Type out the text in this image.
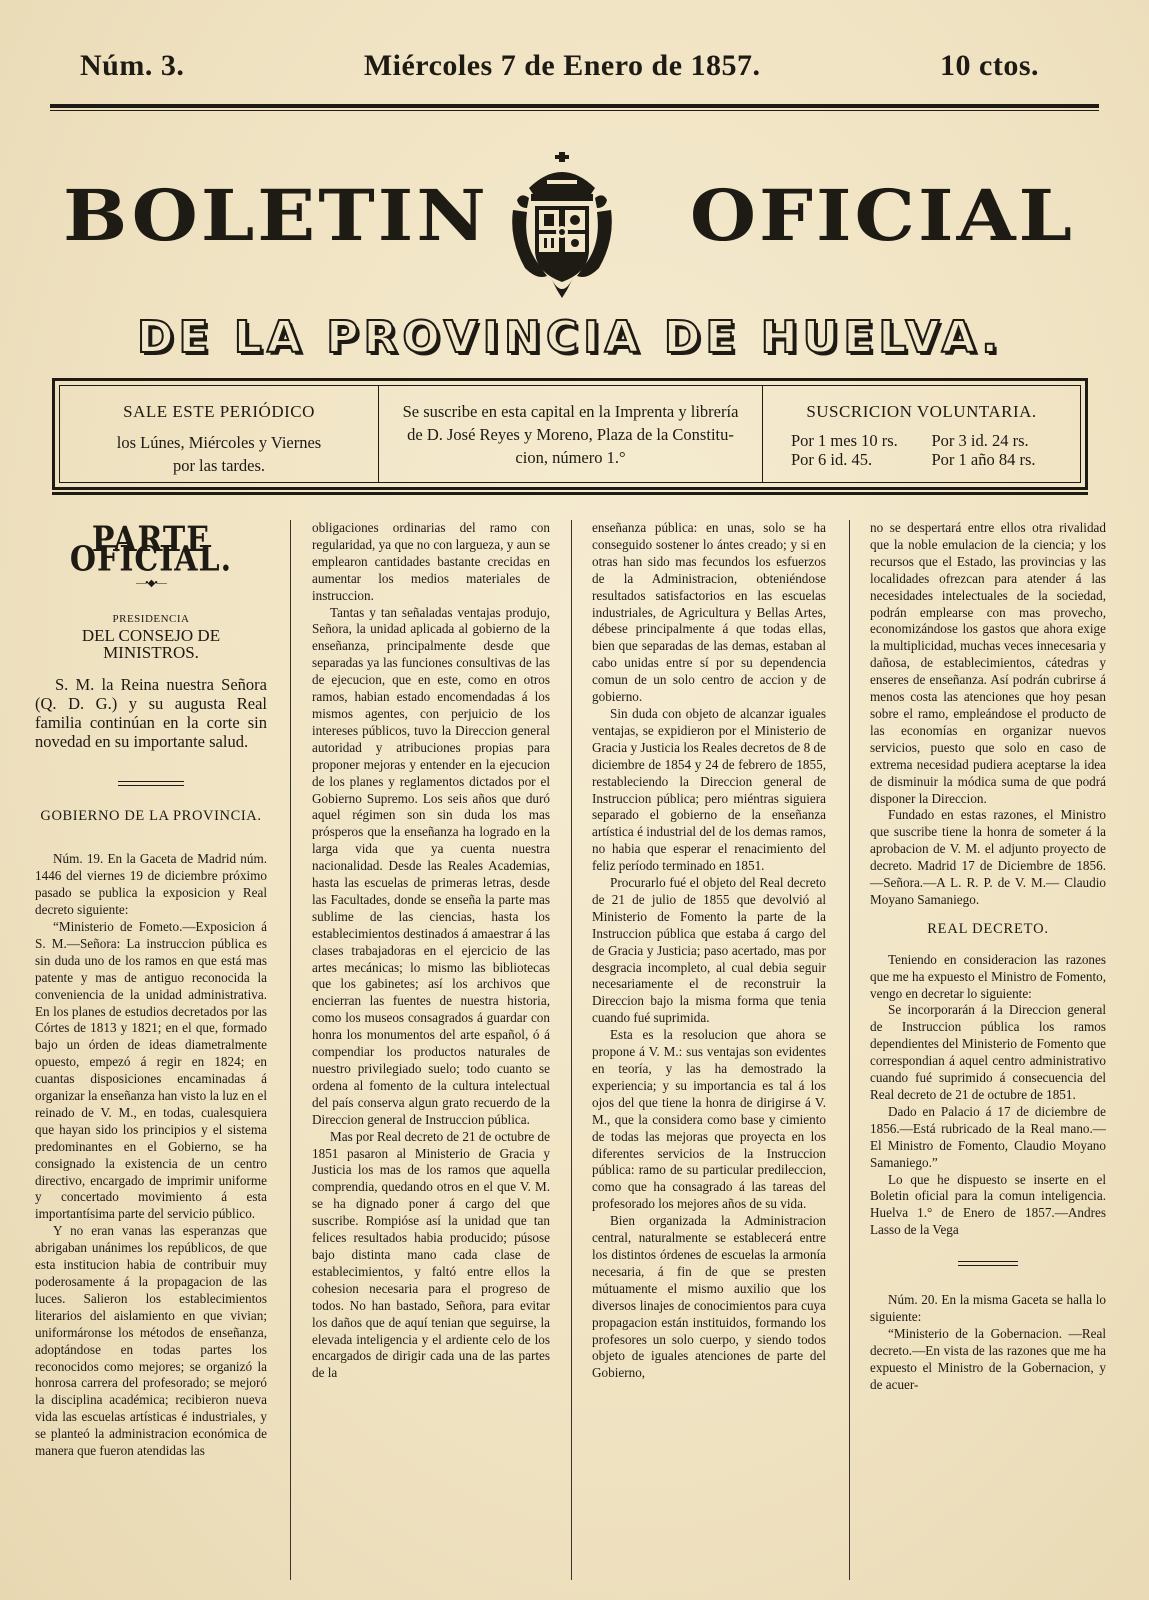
Núm. 3.	Miércoles 7 de Enero de 1857.	10 ctos.
BOLETIN	OFICIAL
DE LA PROVINCIA DE HUELVA.
SALE ESTE PERIÓDICO
los Lúnes, Miércoles y Viernes
por las tardes.
Se suscribe en esta capital en la Imprenta y librería
de D. José Reyes y Moreno, Plaza de la Constitu-
cion, número 1.°
SUSCRICION VOLUNTARIA.
Por 1 mes 10 rs.	Por 3 id. 24 rs.
Por 6 id. 45.	Por 1 año 84 rs.
PARTE OFICIAL.
—•◆•—
PRESIDENCIA
DEL CONSEJO DE MINISTROS.

S. M. la Reina nuestra Señora (Q. D. G.) y su augusta Real familia continúan en la corte sin novedad en su importante salud.

GOBIERNO DE LA PROVINCIA.

Núm. 19. En la Gaceta de Madrid núm. 1446 del viernes 19 de diciembre próximo pasado se publica la exposicion y Real decreto siguiente:

“Ministerio de Fometo.—Exposicion á S. M.—Señora: La instruccion pública es sin duda uno de los ramos en que está mas patente y mas de antiguo reconocida la conveniencia de la unidad administrativa. En los planes de estudios decretados por las Córtes de 1813 y 1821; en el que, formado bajo un órden de ideas diametralmente opuesto, empezó á regir en 1824; en cuantas disposiciones encaminadas á organizar la enseñanza han visto la luz en el reinado de V. M., en todas, cualesquiera que hayan sido los principios y el sistema predominantes en el Gobierno, se ha consignado la existencia de un centro directivo, encargado de imprimir uniforme y concertado movimiento á esta importantísima parte del servicio público.

Y no eran vanas las esperanzas que abrigaban unánimes los repúblicos, de que esta institucion habia de contribuir muy poderosamente á la propagacion de las luces. Salieron los establecimientos literarios del aislamiento en que vivian; uniformáronse los métodos de enseñanza, adoptándose en todas partes los reconocidos como mejores; se organizó la honrosa carrera del profesorado; se mejoró la disciplina académica; recibieron nueva vida las escuelas artísticas é industriales, y se planteó la administracion económica de manera que fueron atendidas las

obligaciones ordinarias del ramo con regularidad, ya que no con largueza, y aun se emplearon cantidades bastante crecidas en aumentar los medios materiales de instruccion.

Tantas y tan señaladas ventajas produjo, Señora, la unidad aplicada al gobierno de la enseñanza, principalmente desde que separadas ya las funciones consultivas de las de ejecucion, que en este, como en otros ramos, habian estado encomendadas á los mismos agentes, con perjuicio de los intereses públicos, tuvo la Direccion general autoridad y atribuciones propias para proponer mejoras y entender en la ejecucion de los planes y reglamentos dictados por el Gobierno Supremo. Los seis años que duró aquel régimen son sin duda los mas prósperos que la enseñanza ha logrado en la larga vida que ya cuenta nuestra nacionalidad. Desde las Reales Academias, hasta las escuelas de primeras letras, desde las Facultades, donde se enseña la parte mas sublime de las ciencias, hasta los establecimientos destinados á amaestrar á las clases trabajadoras en el ejercicio de las artes mecánicas; lo mismo las bibliotecas que los gabinetes; así los archivos que encierran las fuentes de nuestra historia, como los museos consagrados á guardar con honra los monumentos del arte español, ó á compendiar los productos naturales de nuestro privilegiado suelo; todo cuanto se ordena al fomento de la cultura intelectual del país conserva algun grato recuerdo de la Direccion general de Instruccion pública.

Mas por Real decreto de 21 de octubre de 1851 pasaron al Ministerio de Gracia y Justicia los mas de los ramos que aquella comprendia, quedando otros en el que V. M. se ha dignado poner á cargo del que suscribe. Rompióse así la unidad que tan felices resultados habia producido; púsose bajo distinta mano cada clase de establecimientos, y faltó entre ellos la cohesion necesaria para el progreso de todos. No han bastado, Señora, para evitar los daños que de aquí tenian que seguirse, la elevada inteligencia y el ardiente celo de los encargados de dirigir cada una de las partes de la

enseñanza pública: en unas, solo se ha conseguido sostener lo ántes creado; y si en otras han sido mas fecundos los esfuerzos de la Administracion, obteniéndose resultados satisfactorios en las escuelas industriales, de Agricultura y Bellas Artes, débese principalmente á que todas ellas, bien que separadas de las demas, estaban al cabo unidas entre sí por su dependencia comun de un solo centro de accion y de gobierno.

Sin duda con objeto de alcanzar iguales ventajas, se expidieron por el Ministerio de Gracia y Justicia los Reales decretos de 8 de diciembre de 1854 y 24 de febrero de 1855, restableciendo la Direccion general de Instruccion pública; pero miéntras siguiera separado el gobierno de la enseñanza artística é industrial del de los demas ramos, no habia que esperar el renacimiento del feliz período terminado en 1851.

Procurarlo fué el objeto del Real decreto de 21 de julio de 1855 que devolvió al Ministerio de Fomento la parte de la Instruccion pública que estaba á cargo del de Gracia y Justicia; paso acertado, mas por desgracia incompleto, al cual debia seguir necesariamente el de reconstruir la Direccion bajo la misma forma que tenia cuando fué suprimida.

Esta es la resolucion que ahora se propone á V. M.: sus ventajas son evidentes en teoría, y las ha demostrado la experiencia; y su importancia es tal á los ojos del que tiene la honra de dirigirse á V. M., que la considera como base y cimiento de todas las mejoras que proyecta en los diferentes servicios de la Instruccion pública: ramo de su particular predileccion, como que ha consagrado á las tareas del profesorado los mejores años de su vida.

Bien organizada la Administracion central, naturalmente se establecerá entre los distintos órdenes de escuelas la armonía necesaria, á fin de que se presten mútuamente el mismo auxilio que los diversos linajes de conocimientos para cuya propagacion están instituidos, formando los profesores un solo cuerpo, y siendo todos objeto de iguales atenciones de parte del Gobierno,

no se despertará entre ellos otra rivalidad que la noble emulacion de la ciencia; y los recursos que el Estado, las provincias y las localidades ofrezcan para atender á las necesidades intelectuales de la sociedad, podrán emplearse con mas provecho, economizándose los gastos que ahora exige la multiplicidad, muchas veces innecesaria y dañosa, de establecimientos, cátedras y enseres de enseñanza. Así podrán cubrirse á menos costa las atenciones que hoy pesan sobre el ramo, empleándose el producto de las economías en organizar nuevos servicios, puesto que solo en caso de extrema necesidad pudiera aceptarse la idea de disminuir la módica suma de que podrá disponer la Direccion.

Fundado en estas razones, el Ministro que suscribe tiene la honra de someter á la aprobacion de V. M. el adjunto proyecto de decreto. Madrid 17 de Diciembre de 1856. —Señora.—A L. R. P. de V. M.— Claudio Moyano Samaniego.

REAL DECRETO.

Teniendo en consideracion las razones que me ha expuesto el Ministro de Fomento, vengo en decretar lo siguiente:

Se incorporarán á la Direccion general de Instruccion pública los ramos dependientes del Ministerio de Fomento que correspondian á aquel centro administrativo cuando fué suprimido á consecuencia del Real decreto de 21 de octubre de 1851.

Dado en Palacio á 17 de diciembre de 1856.—Está rubricado de la Real mano.—El Ministro de Fomento, Claudio Moyano Samaniego.”

Lo que he dispuesto se inserte en el Boletin oficial para la comun inteligencia. Huelva 1.° de Enero de 1857.—Andres Lasso de la Vega

Núm. 20. En la misma Gaceta se halla lo siguiente:

“Ministerio de la Gobernacion. —Real decreto.—En vista de las razones que me ha expuesto el Ministro de la Gobernacion, y de acuer-
